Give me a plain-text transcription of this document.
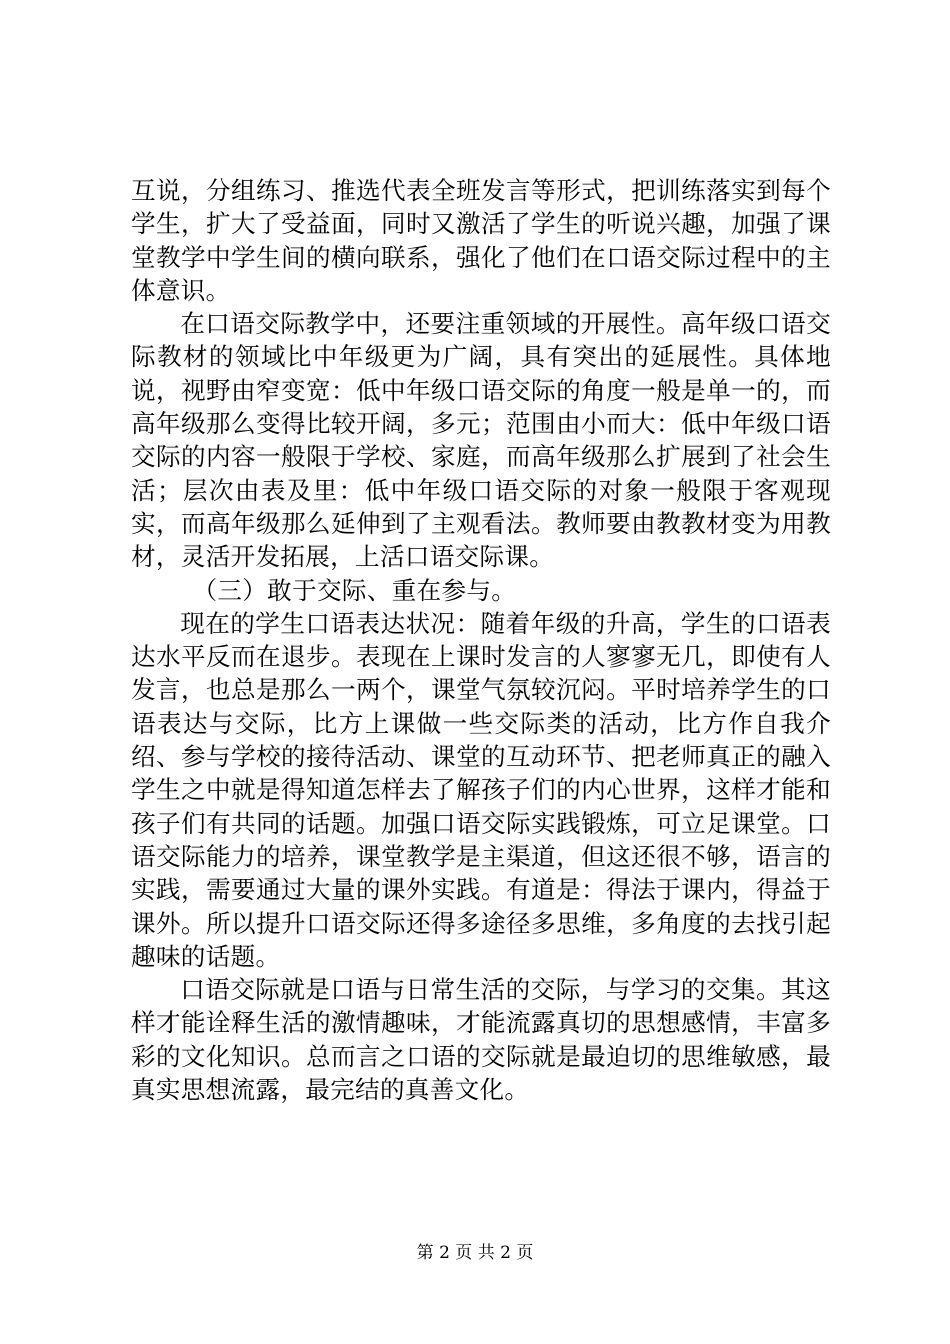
互说，分组练习、推选代表全班发言等形式，把训练落实到每个学生，扩大了受益面，同时又激活了学生的听说兴趣，加强了课堂教学中学生间的横向联系，强化了他们在口语交际过程中的主体意识。

在口语交际教学中，还要注重领域的开展性。高年级口语交际教材的领域比中年级更为广阔，具有突出的延展性。具体地说，视野由窄变宽：低中年级口语交际的角度一般是单一的，而高年级那么变得比较开阔，多元；范围由小而大：低中年级口语交际的内容一般限于学校、家庭，而高年级那么扩展到了社会生活；层次由表及里：低中年级口语交际的对象一般限于客观现实，而高年级那么延伸到了主观看法。教师要由教教材变为用教材，灵活开发拓展，上活口语交际课。

（三）敢于交际、重在参与。

现在的学生口语表达状况：随着年级的升高，学生的口语表达水平反而在退步。表现在上课时发言的人寥寥无几，即使有人发言，也总是那么一两个，课堂气氛较沉闷。平时培养学生的口语表达与交际，比方上课做一些交际类的活动，比方作自我介绍、参与学校的接待活动、课堂的互动环节、把老师真正的融入学生之中就是得知道怎样去了解孩子们的内心世界，这样才能和孩子们有共同的话题。加强口语交际实践锻炼，可立足课堂。口语交际能力的培养，课堂教学是主渠道，但这还很不够，语言的实践，需要通过大量的课外实践。有道是：得法于课内，得益于课外。所以提升口语交际还得多途径多思维，多角度的去找引起趣味的话题。

口语交际就是口语与日常生活的交际，与学习的交集。其这样才能诠释生活的激情趣味，才能流露真切的思想感情，丰富多彩的文化知识。总而言之口语的交际就是最迫切的思维敏感，最真实思想流露，最完结的真善文化。

第 2 页 共 2 页
